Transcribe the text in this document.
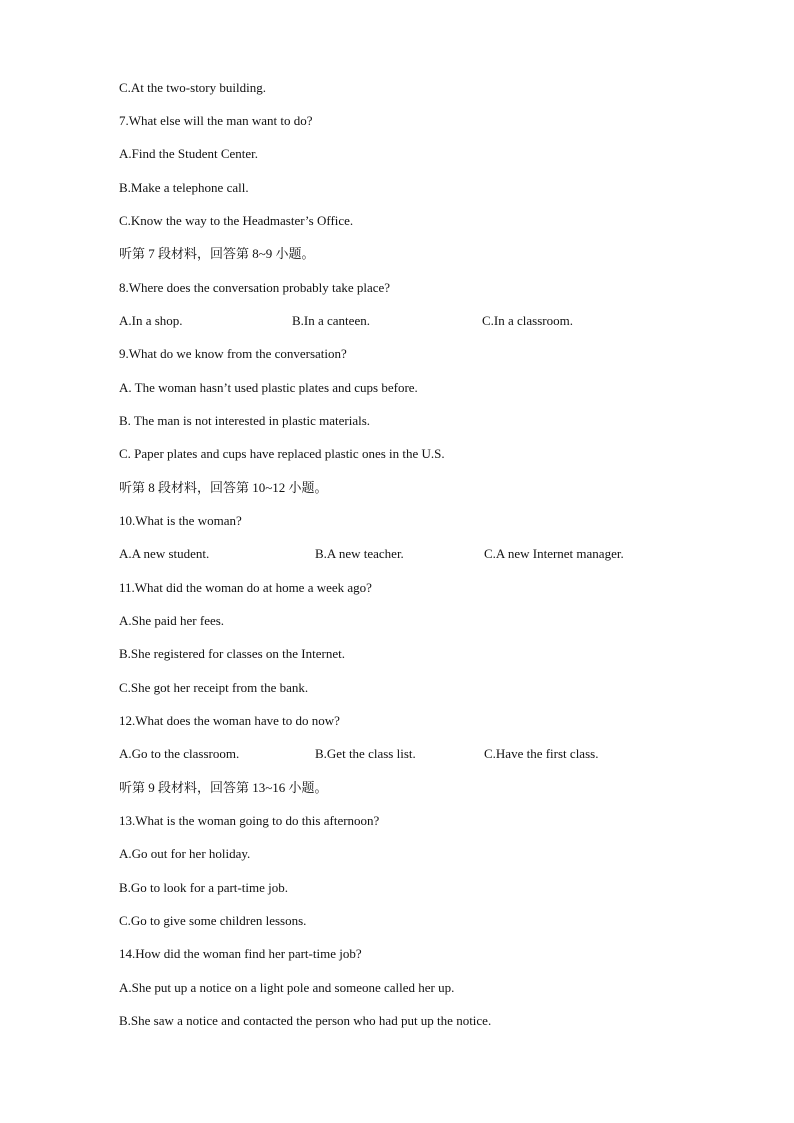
C.At the two-story building.
7.What else will the man want to do?
A.Find the Student Center.
B.Make a telephone call.
C.Know the way to the Headmaster’s Office.
听第 7 段材料，回答第 8~9 小题。
8.Where does the conversation probably take place?
A.In a shop.	B.In a canteen.	C.In a classroom.
9.What do we know from the conversation?
A. The woman hasn’t used plastic plates and cups before.
B. The man is not interested in plastic materials.
C. Paper plates and cups have replaced plastic ones in the U.S.
听第 8 段材料，回答第 10~12 小题。
10.What is the woman?
A.A new student.	B.A new teacher.	C.A new Internet manager.
11.What did the woman do at home a week ago?
A.She paid her fees.
B.She registered for classes on the Internet.
C.She got her receipt from the bank.
12.What does the woman have to do now?
A.Go to the classroom.	B.Get the class list.	C.Have the first class.
听第 9 段材料，回答第 13~16 小题。
13.What is the woman going to do this afternoon?
A.Go out for her holiday.
B.Go to look for a part-time job.
C.Go to give some children lessons.
14.How did the woman find her part-time job?
A.She put up a notice on a light pole and someone called her up.
B.She saw a notice and contacted the person who had put up the notice.
